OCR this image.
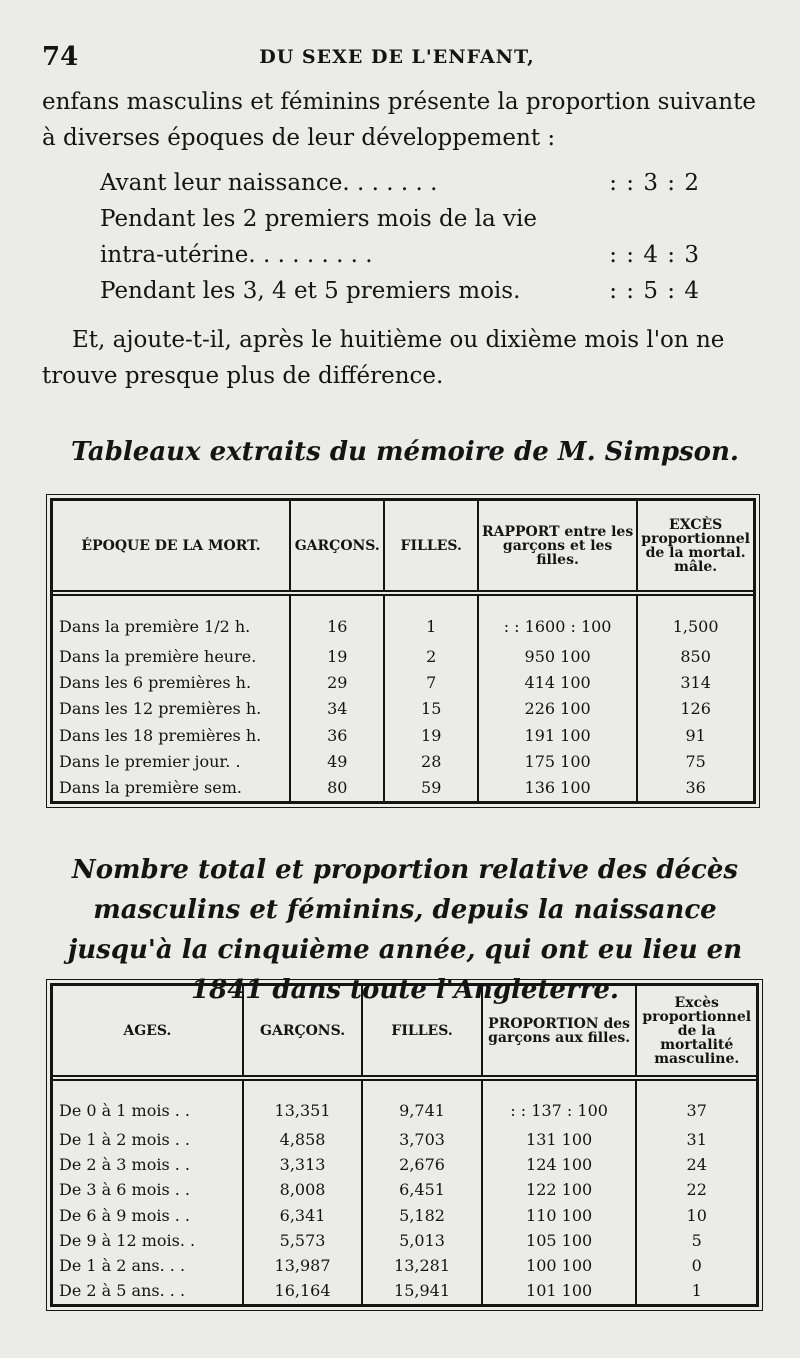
74	DU SEXE DE L'ENFANT,
enfans masculins et féminins présente la proportion suivante à diverses époques de leur développement :
Avant leur naissance. . . . . . .	: : 3 : 2
Pendant les 2 premiers mois de la vie
intra-utérine. . . . . . . . .	: : 4 : 3
Pendant les 3, 4 et 5 premiers mois.	: : 5 : 4
Et, ajoute-t-il, après le huitième ou dixième mois l'on ne trouve presque plus de différence.
Tableaux extraits du mémoire de M. Simpson.
ÉPOQUE DE LA MORT.	GARÇONS.	FILLES.	RAPPORT entre les garçons et les filles.	EXCÈS proportionnel de la mortal. mâle.
Dans la première 1/2 h.	16	1	: : 1600 : 100	1,500
Dans la première heure.	19	2	950 100	850
Dans les 6 premières h.	29	7	414 100	314
Dans les 12 premières h.	34	15	226 100	126
Dans les 18 premières h.	36	19	191 100	91
Dans le premier jour. .	49	28	175 100	75
Dans la première sem.	80	59	136 100	36
Nombre total et proportion relative des décès masculins et féminins, depuis la naissance jusqu'à la cinquième année, qui ont eu lieu en 1841 dans toute l'Angleterre.
AGES.	GARÇONS.	FILLES.	PROPORTION des garçons aux filles.	Excès proportionnel de la mortalité masculine.
De 0 à 1 mois . .	13,351	9,741	: : 137 : 100	37
De 1 à 2 mois . .	4,858	3,703	131 100	31
De 2 à 3 mois . .	3,313	2,676	124 100	24
De 3 à 6 mois . .	8,008	6,451	122 100	22
De 6 à 9 mois . .	6,341	5,182	110 100	10
De 9 à 12 mois. .	5,573	5,013	105 100	5
De 1 à 2 ans. . .	13,987	13,281	100 100	0
De 2 à 5 ans. . .	16,164	15,941	101 100	1
